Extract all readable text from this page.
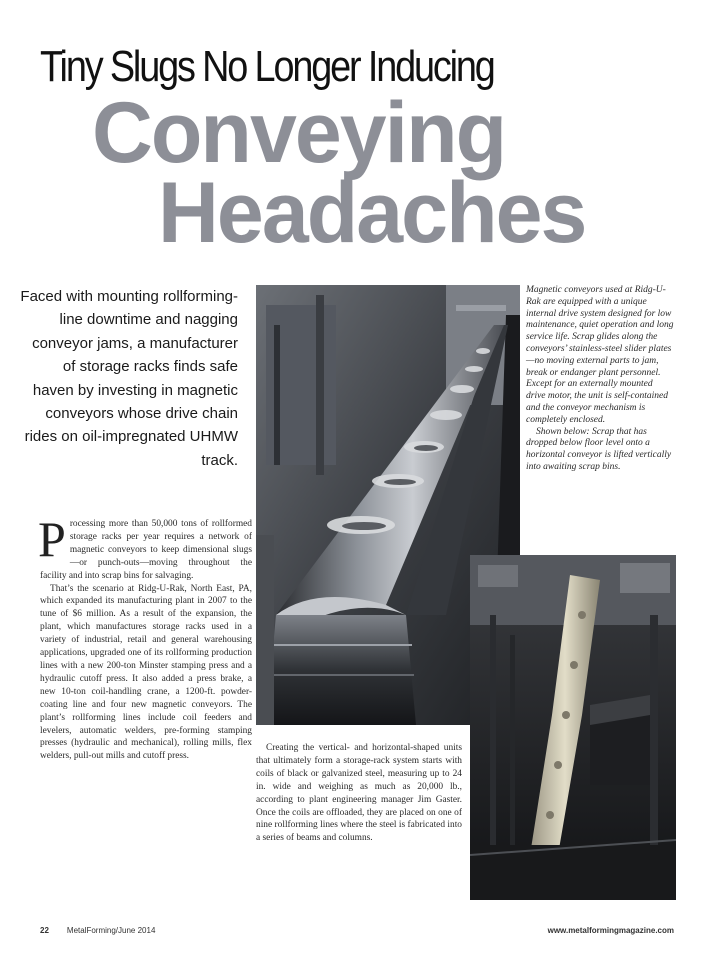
Tiny Slugs No Longer Inducing
Conveying
Headaches
Faced with mounting rollforming-line downtime and nagging conveyor jams, a manufacturer of storage racks finds safe haven by investing in magnetic conveyors whose drive chain rides on oil-impregnated UHMW track.

Processing more than 50,000 tons of rollformed storage racks per year requires a network of magnetic conveyors to keep dimensional slugs—or punch-outs—moving throughout the facility and into scrap bins for salvaging.

That’s the scenario at Ridg-U-Rak, North East, PA, which expanded its manufacturing plant in 2007 to the tune of $6 million. As a result of the expansion, the plant, which manufactures storage racks used in a variety of industrial, retail and general warehousing applications, upgraded one of its rollforming production lines with a new 200-ton Minster stamping press and a hydraulic cutoff press. It also added a press brake, a new 10-ton coil-handling crane, a 1200-ft. powder-coating line and four new magnetic conveyors. The plant’s rollforming lines include coil feeders and levelers, automatic welders, pre-forming stamping presses (hydraulic and mechanical), rolling mills, flex welders, pull-out mills and cutoff press.

Creating the vertical- and horizontal-shaped units that ultimately form a storage-rack system starts with coils of black or galvanized steel, measuring up to 24 in. wide and weighing as much as 20,000 lb., according to plant engineering manager Jim Gaster. Once the coils are offloaded, they are placed on one of nine rollforming lines where the steel is fabricated into a series of beams and columns.

Magnetic conveyors used at Ridg-U-Rak are equipped with a unique internal drive system designed for low maintenance, quiet operation and long service life. Scrap glides along the conveyors’ stainless-steel slider plates—no moving external parts to jam, break or endanger plant personnel. Except for an externally mounted drive motor, the unit is self-contained and the conveyor mechanism is completely enclosed.

Shown below: Scrap that has dropped below floor level onto a horizontal conveyor is lifted vertically into awaiting scrap bins.

22 MetalForming/June 2014	www.metalformingmagazine.com
